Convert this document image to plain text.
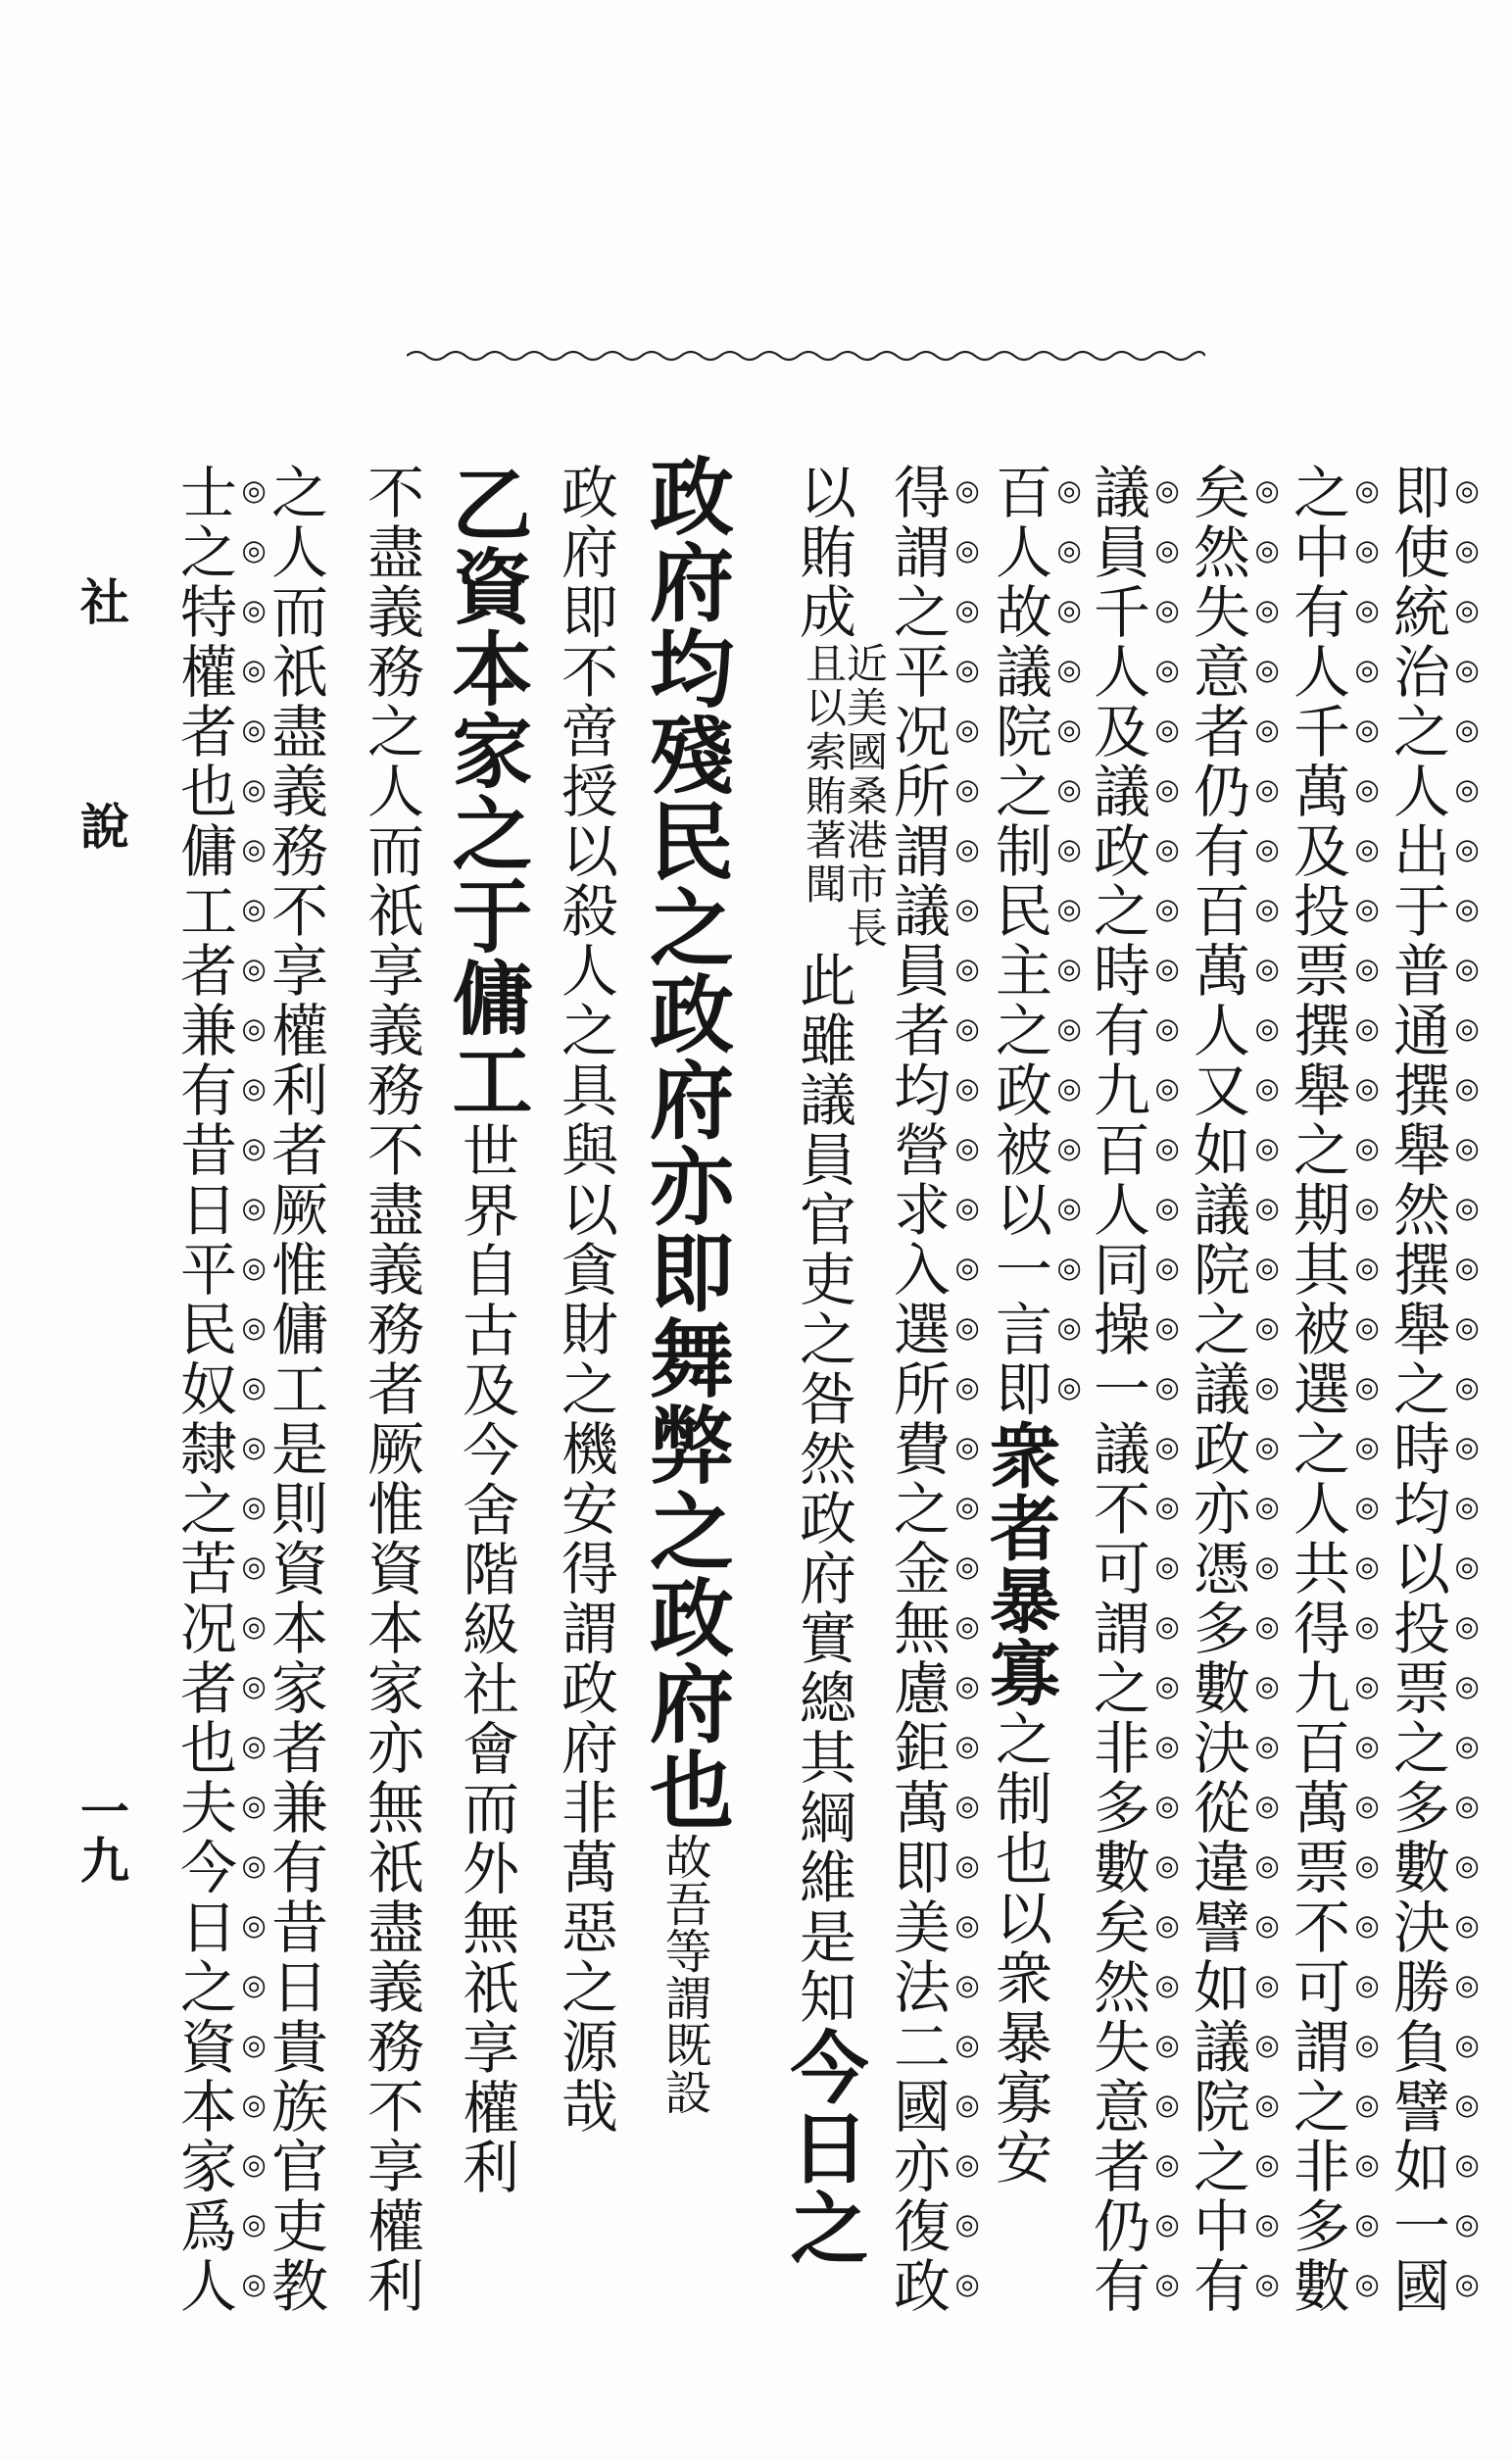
即使統治之人出于普通撰舉然撰舉之時均以投票之多數決勝負譬如一國
之中有人千萬及投票撰舉之期其被選之人共得九百萬票不可謂之非多數
矣然失意者仍有百萬人又如議院之議政亦憑多數決從違譬如議院之中有
議員千人及議政之時有九百人同操一議不可謂之非多數矣然失意者仍有
百人故議院之制民主之政被以一言即衆者暴寡之制也以衆暴寡安
得謂之平况所謂議員者均營求入選所費之金無慮鉅萬即美法二國亦復政
以賄成
近美國桑港市長
且以索賄著聞
此雖議員官吏之咎然政府實總其綱維是知今日之
政府均殘民之政府亦即舞弊之政府也故吾等謂既設
政府即不啻授以殺人之具與以貪財之機安得謂政府非萬惡之源哉
乙資本家之于傭工世界自古及今舍階級社會而外無祇享權利
不盡義務之人而祇享義務不盡義務者厥惟資本家亦無祇盡義務不享權利
之人而祇盡義務不享權利者厥惟傭工是則資本家者兼有昔日貴族官吏教
士之特權者也傭工者兼有昔日平民奴隸之苦况者也夫今日之資本家爲人
社 說
一九
